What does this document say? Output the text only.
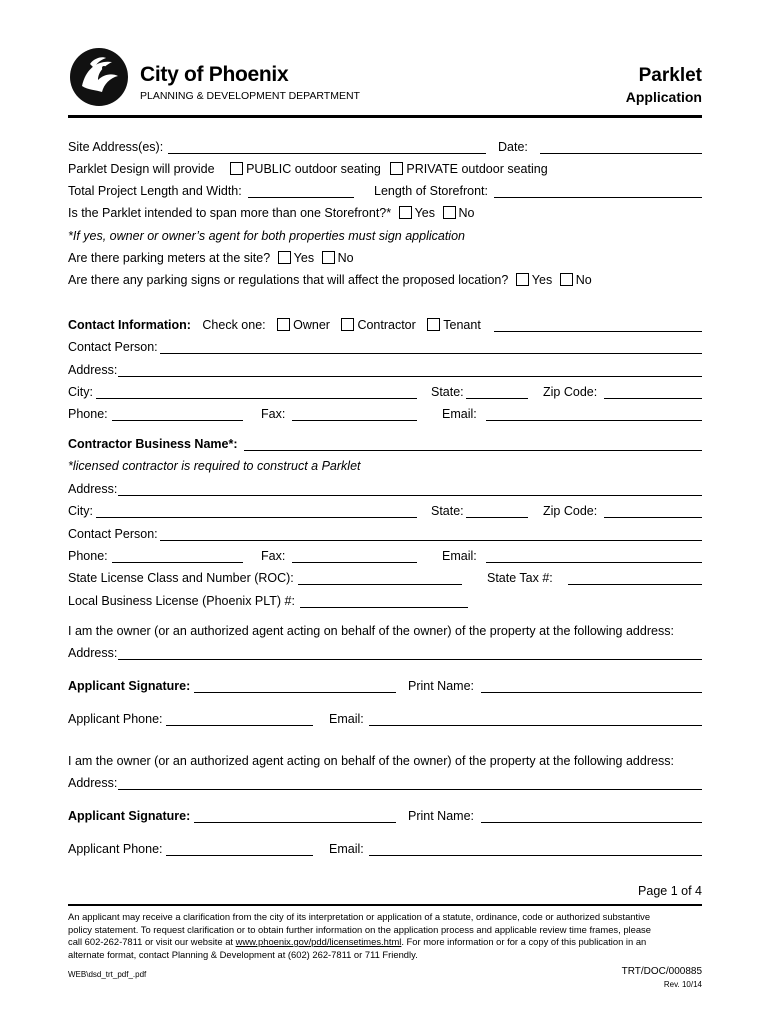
City of Phoenix
PLANNING & DEVELOPMENT DEPARTMENT
Parklet
Application
Site Address(es):	Date:
Parklet Design will provide	PUBLIC outdoor seating PRIVATE outdoor seating
Total Project Length and Width:	Length of Storefront:
Is the Parklet intended to span more than one Storefront?* Yes No
*If yes, owner or owner’s agent for both properties must sign application
Are there parking meters at the site? Yes No
Are there any parking signs or regulations that will affect the proposed location? Yes No
Contact Information: Check one: Owner Contractor Tenant
Contact Person:
Address:
City:	State:	Zip Code:
Phone:	Fax:	Email:
Contractor Business Name*:
*licensed contractor is required to construct a Parklet
Address:
City:	State:	Zip Code:
Contact Person:
Phone:	Fax:	Email:
State License Class and Number (ROC):	State Tax #:
Local Business License (Phoenix PLT) #:
I am the owner (or an authorized agent acting on behalf of the owner) of the property at the following address:
Address:
Applicant Signature:	Print Name:
Applicant Phone:	Email:
I am the owner (or an authorized agent acting on behalf of the owner) of the property at the following address:
Address:
Applicant Signature:	Print Name:
Applicant Phone:	Email:
Page 1 of 4
An applicant may receive a clarification from the city of its interpretation or application of a statute, ordinance, code or authorized substantive
policy statement. To request clarification or to obtain further information on the application process and applicable review time frames, please
call 602-262-7811 or visit our website at www.phoenix.gov/pdd/licensetimes.html. For more information or for a copy of this publication in an
alternate format, contact Planning & Development at (602) 262-7811 or 711 Friendly.
WEB\dsd_trt_pdf_.pdf	TRT/DOC/000885
Rev. 10/14
